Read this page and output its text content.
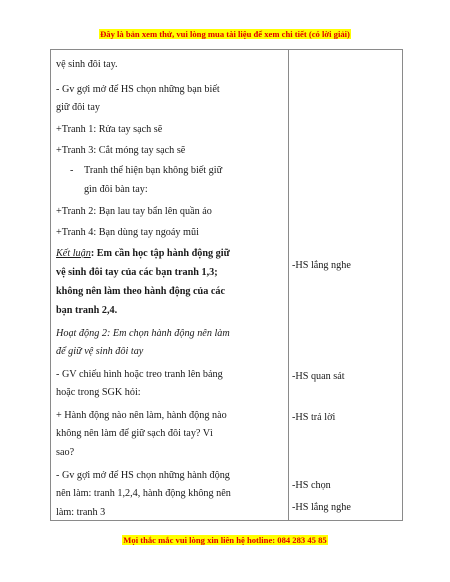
Đây là bản xem thử, vui lòng mua tài liệu để xem chi tiết (có lời giải)
vệ sinh đôi tay.
- Gv gợi mở để HS chọn những bạn biết
giữ đôi tay
+Tranh 1: Rửa tay sạch sẽ
+Tranh 3: Cắt móng tay sạch sẽ
- Tranh thể hiện bạn không biết giữ
gìn đôi bàn tay:
+Tranh 2: Bạn lau tay bẩn lên quần áo
+Tranh 4: Bạn dùng tay ngoáy mũi
Kết luận: Em cần học tập hành động giữ
vệ sinh đôi tay của các bạn tranh 1,3;
không nên làm theo hành động của các
bạn tranh 2,4.
Hoạt động 2: Em chọn hành động nên làm
để giữ vệ sinh đôi tay
- GV chiếu hình hoặc treo tranh lên bảng
hoặc trong SGK hỏi:
+ Hành động nào nên làm, hành động nào
không nên làm để giữ sạch đôi tay? Vì
sao?
- Gv gợi mở để HS chọn những hành động
nên làm: tranh 1,2,4, hành động không nên
làm: tranh 3
-HS lắng nghe
-HS quan sát
-HS trả lời
-HS chọn
-HS lắng nghe
Mọi thắc mắc vui lòng xin liên hệ hotline: 084 283 45 85
